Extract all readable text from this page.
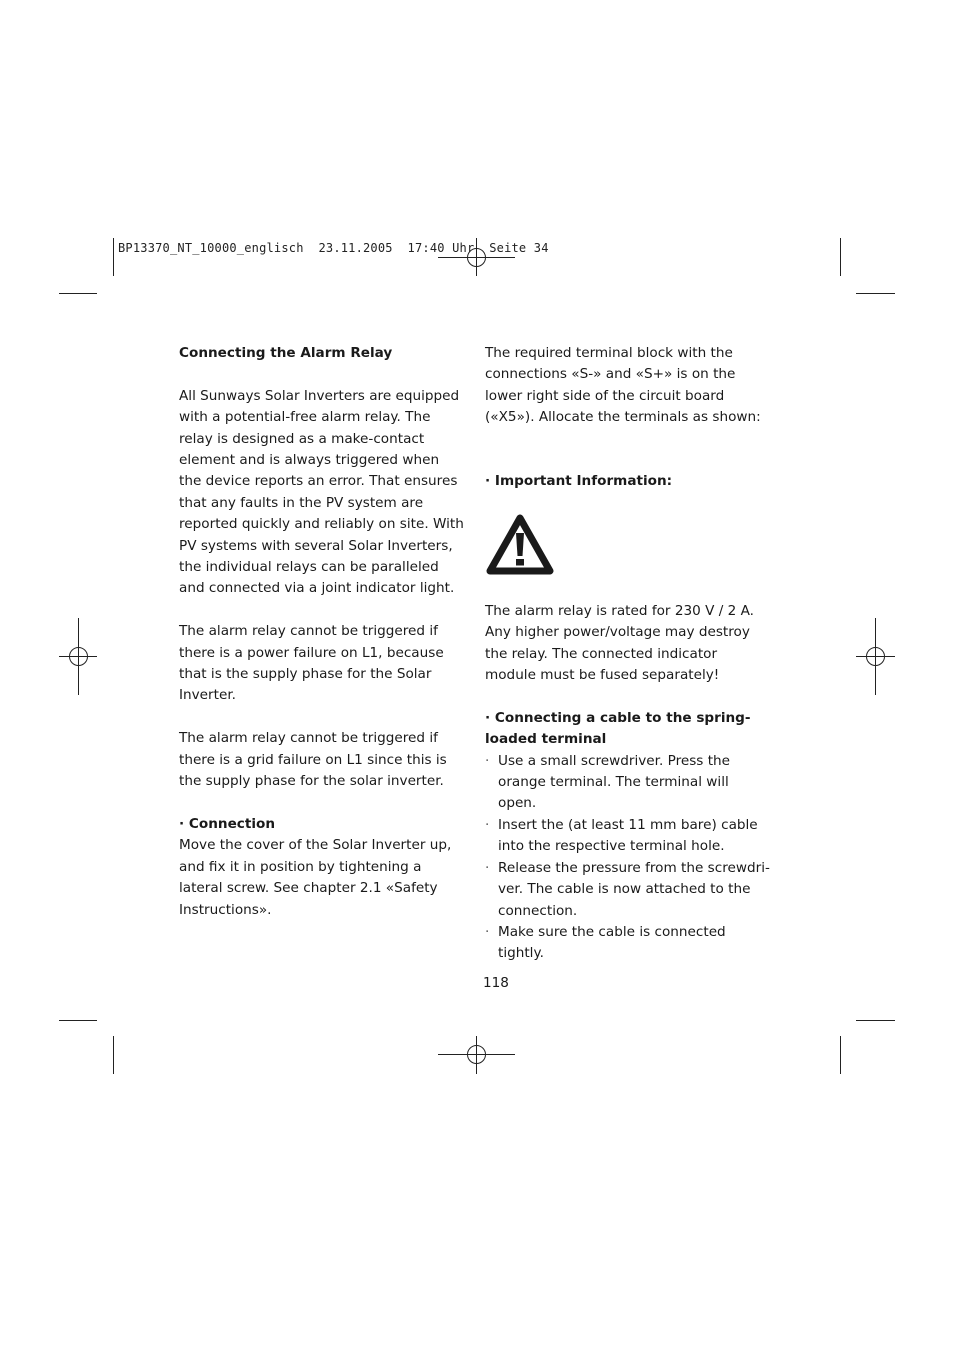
BP13370_NT_10000_englisch  23.11.2005  17:40 Uhr  Seite 34

Connecting the Alarm Relay

All Sunways Solar Inverters are equipped with a potential-free alarm relay. The relay is designed as a make-contact element and is always triggered when the device reports an error. That ensures that any faults in the PV system are reported quickly and reliably on site. With PV systems with several Solar Inverters, the individual relays can be paralleled and connected via a joint indicator light.

The alarm relay cannot be triggered if there is a power failure on L1, because that is the supply phase for the Solar Inverter.

The alarm relay cannot be triggered if there is a grid failure on L1 since this is the supply phase for the solar inverter.

· Connection

Move the cover of the Solar Inverter up, and fix it in position by tightening a lateral screw. See chapter 2.1 «Safety Instructions».

The required terminal block with the connections «S-» and «S+» is on the lower right side of the circuit board («X5»). Allocate the terminals as shown:

· Important Information:

The alarm relay is rated for 230 V / 2 A. Any higher power/voltage may destroy the relay. The connected indicator module must be fused separately!

· Connecting a cable to the spring-loaded terminal

· Use a small screwdriver. Press the orange terminal. The terminal will open.
· Insert the (at least 11 mm bare) cable into the respective terminal hole.
· Release the pressure from the screwdri-ver. The cable is now attached to the connection.
· Make sure the cable is connected tightly.
118
